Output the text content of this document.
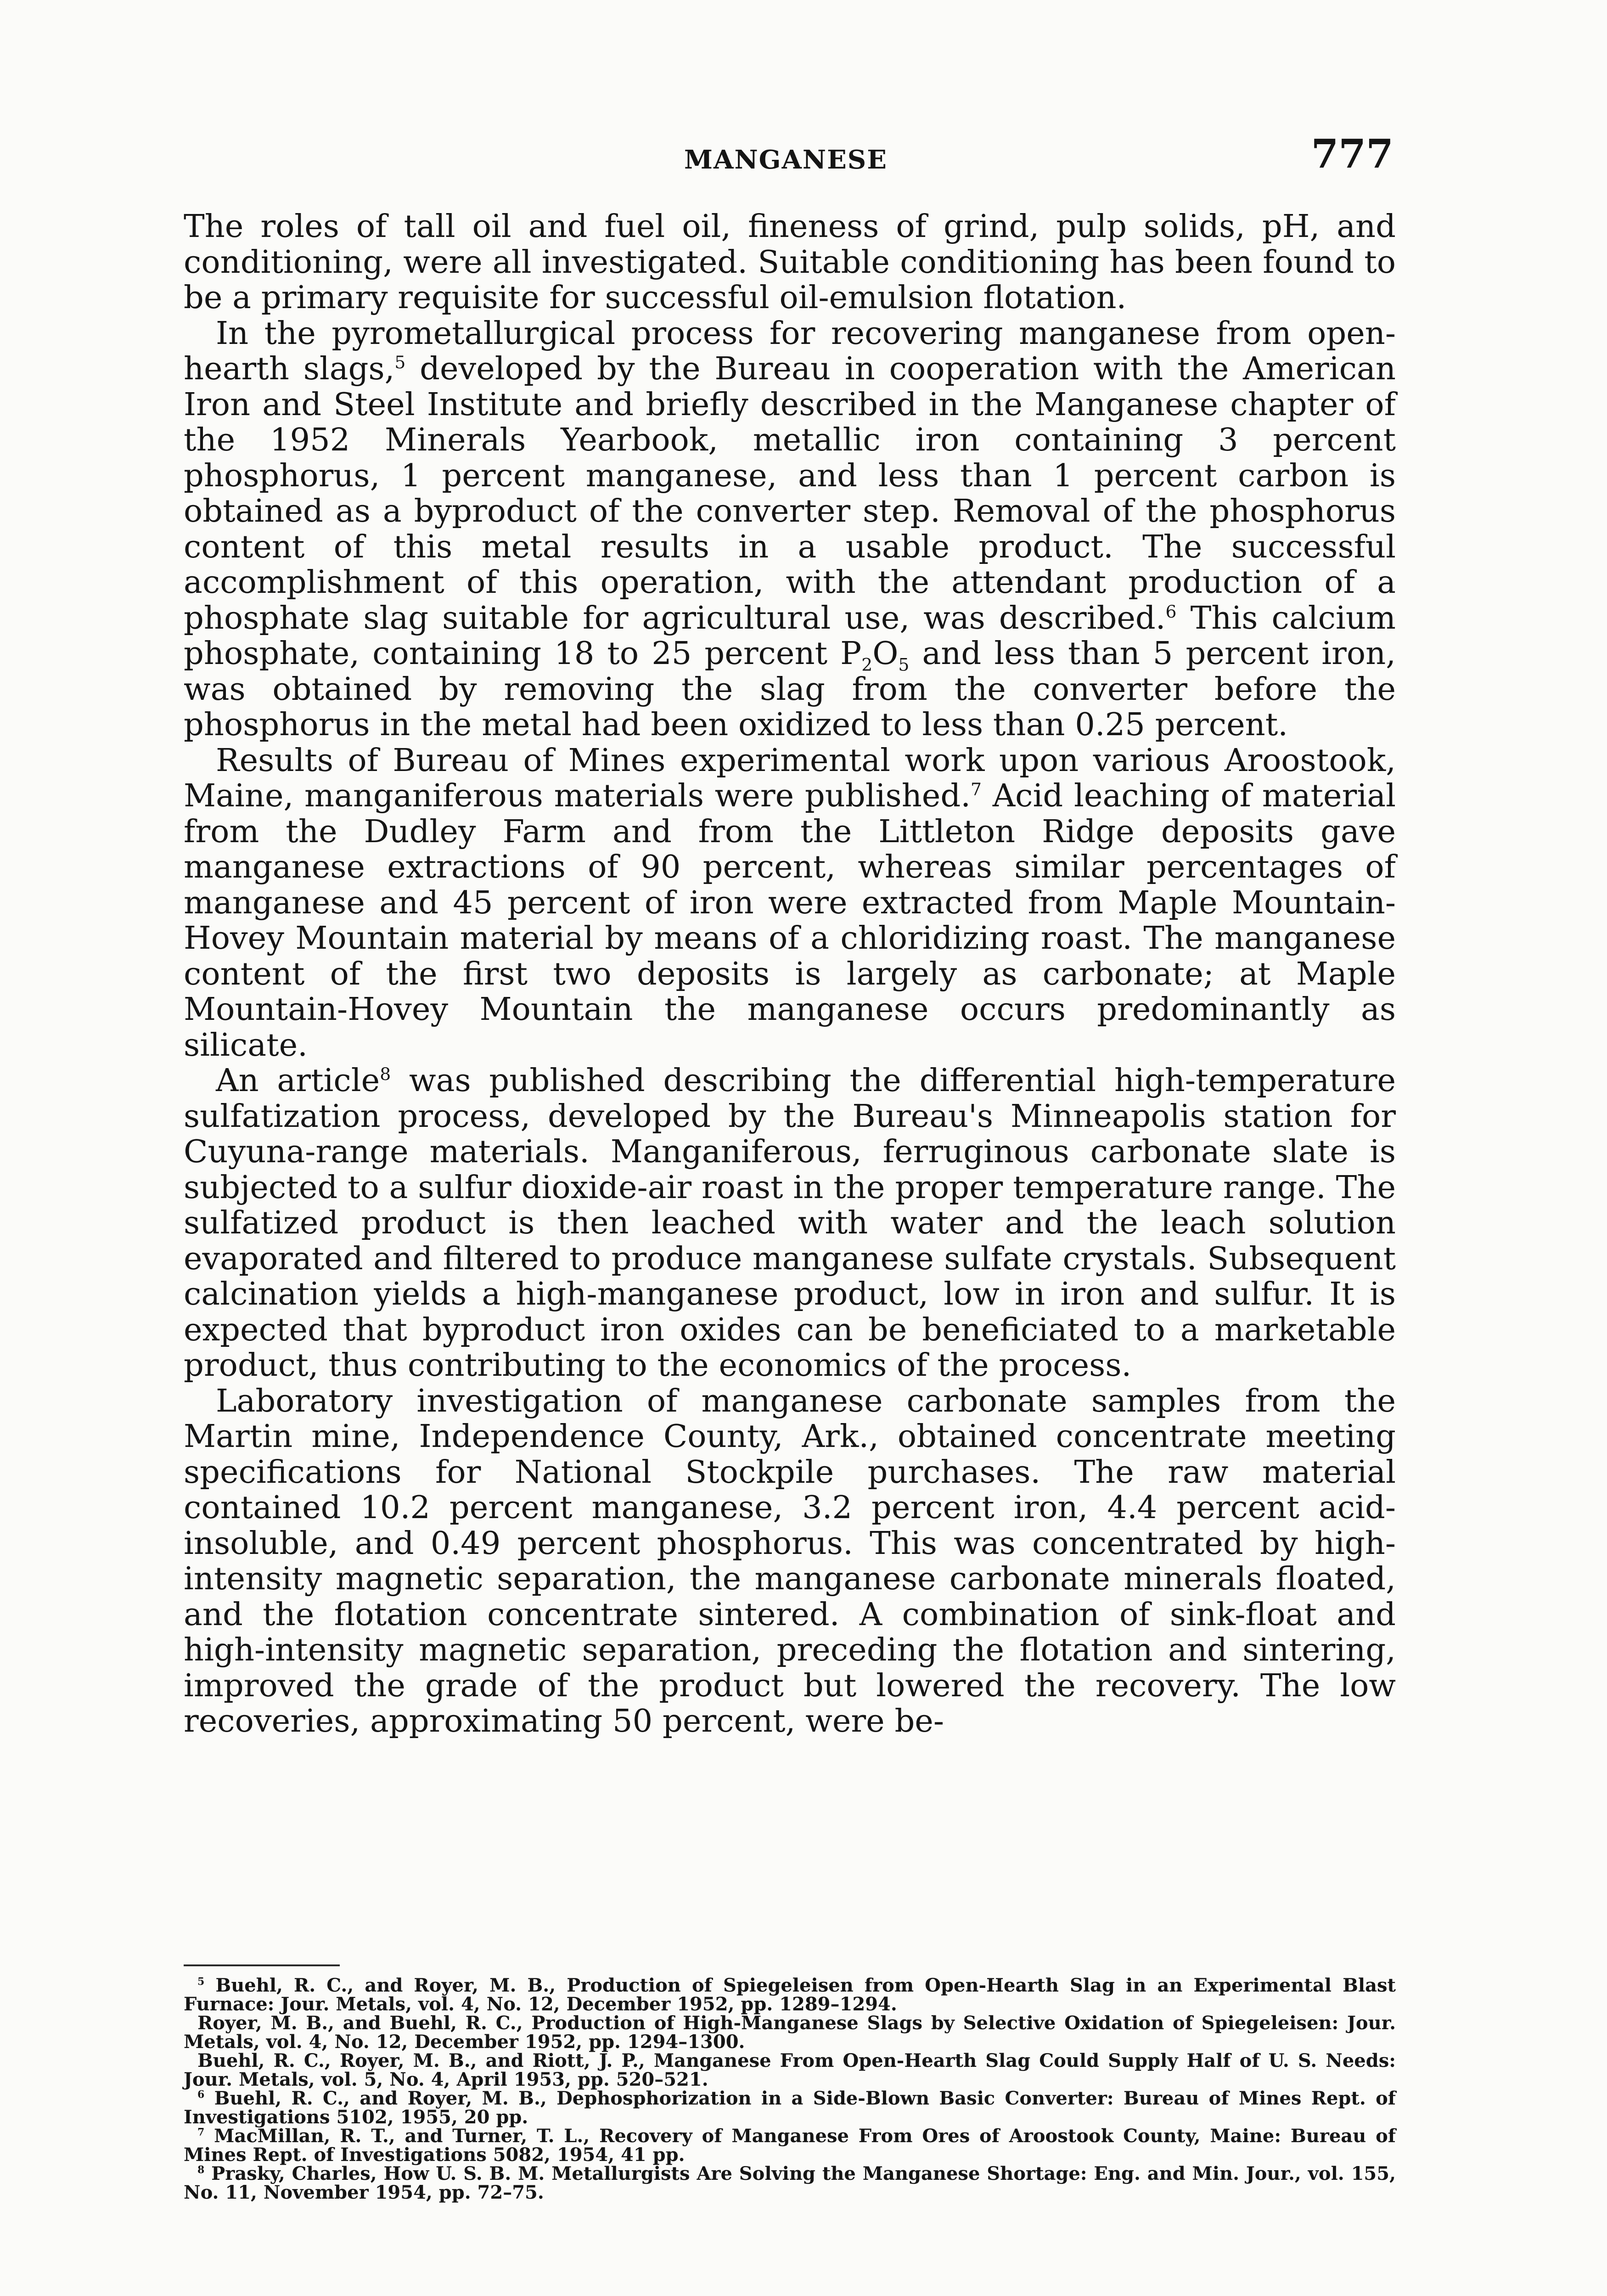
MANGANESE	777

The roles of tall oil and fuel oil, fineness of grind, pulp solids, pH, and conditioning, were all investigated. Suitable conditioning has been found to be a primary requisite for successful oil-emulsion flotation.

In the pyrometallurgical process for recovering manganese from open-hearth slags,$^5$ developed by the Bureau in cooperation with the American Iron and Steel Institute and briefly described in the Manganese chapter of the 1952 Minerals Yearbook, metallic iron containing 3 percent phosphorus, 1 percent manganese, and less than 1 percent carbon is obtained as a byproduct of the converter step. Removal of the phosphorus content of this metal results in a usable product. The successful accomplishment of this operation, with the attendant production of a phosphate slag suitable for agricultural use, was described.$^6$ This calcium phosphate, containing 18 to 25 percent $P_2O_5$ and less than 5 percent iron, was obtained by removing the slag from the converter before the phosphorus in the metal had been oxidized to less than 0.25 percent.

Results of Bureau of Mines experimental work upon various Aroostook, Maine, manganiferous materials were published.$^7$ Acid leaching of material from the Dudley Farm and from the Littleton Ridge deposits gave manganese extractions of 90 percent, whereas similar percentages of manganese and 45 percent of iron were extracted from Maple Mountain-Hovey Mountain material by means of a chloridizing roast. The manganese content of the first two deposits is largely as carbonate; at Maple Mountain-Hovey Mountain the manganese occurs predominantly as silicate.

An article$^8$ was published describing the differential high-temperature sulfatization process, developed by the Bureau's Minneapolis station for Cuyuna-range materials. Manganiferous, ferruginous carbonate slate is subjected to a sulfur dioxide-air roast in the proper temperature range. The sulfatized product is then leached with water and the leach solution evaporated and filtered to produce manganese sulfate crystals. Subsequent calcination yields a high-manganese product, low in iron and sulfur. It is expected that byproduct iron oxides can be beneficiated to a marketable product, thus contributing to the economics of the process.

Laboratory investigation of manganese carbonate samples from the Martin mine, Independence County, Ark., obtained concentrate meeting specifications for National Stockpile purchases. The raw material contained 10.2 percent manganese, 3.2 percent iron, 4.4 percent acid-insoluble, and 0.49 percent phosphorus. This was concentrated by high-intensity magnetic separation, the manganese carbonate minerals floated, and the flotation concentrate sintered. A combination of sink-float and high-intensity magnetic separation, preceding the flotation and sintering, improved the grade of the product but lowered the recovery. The low recoveries, approximating 50 percent, were be-

$^5$ Buehl, R. C., and Royer, M. B., Production of Spiegeleisen from Open-Hearth Slag in an Experimental Blast Furnace: Jour. Metals, vol. 4, No. 12, December 1952, pp. 1289–1294.

Royer, M. B., and Buehl, R. C., Production of High-Manganese Slags by Selective Oxidation of Spiegeleisen: Jour. Metals, vol. 4, No. 12, December 1952, pp. 1294–1300.

Buehl, R. C., Royer, M. B., and Riott, J. P., Manganese From Open-Hearth Slag Could Supply Half of U. S. Needs: Jour. Metals, vol. 5, No. 4, April 1953, pp. 520–521.

$^6$ Buehl, R. C., and Royer, M. B., Dephosphorization in a Side-Blown Basic Converter: Bureau of Mines Rept. of Investigations 5102, 1955, 20 pp.

$^7$ MacMillan, R. T., and Turner, T. L., Recovery of Manganese From Ores of Aroostook County, Maine: Bureau of Mines Rept. of Investigations 5082, 1954, 41 pp.

$^8$ Prasky, Charles, How U. S. B. M. Metallurgists Are Solving the Manganese Shortage: Eng. and Min. Jour., vol. 155, No. 11, November 1954, pp. 72–75.
